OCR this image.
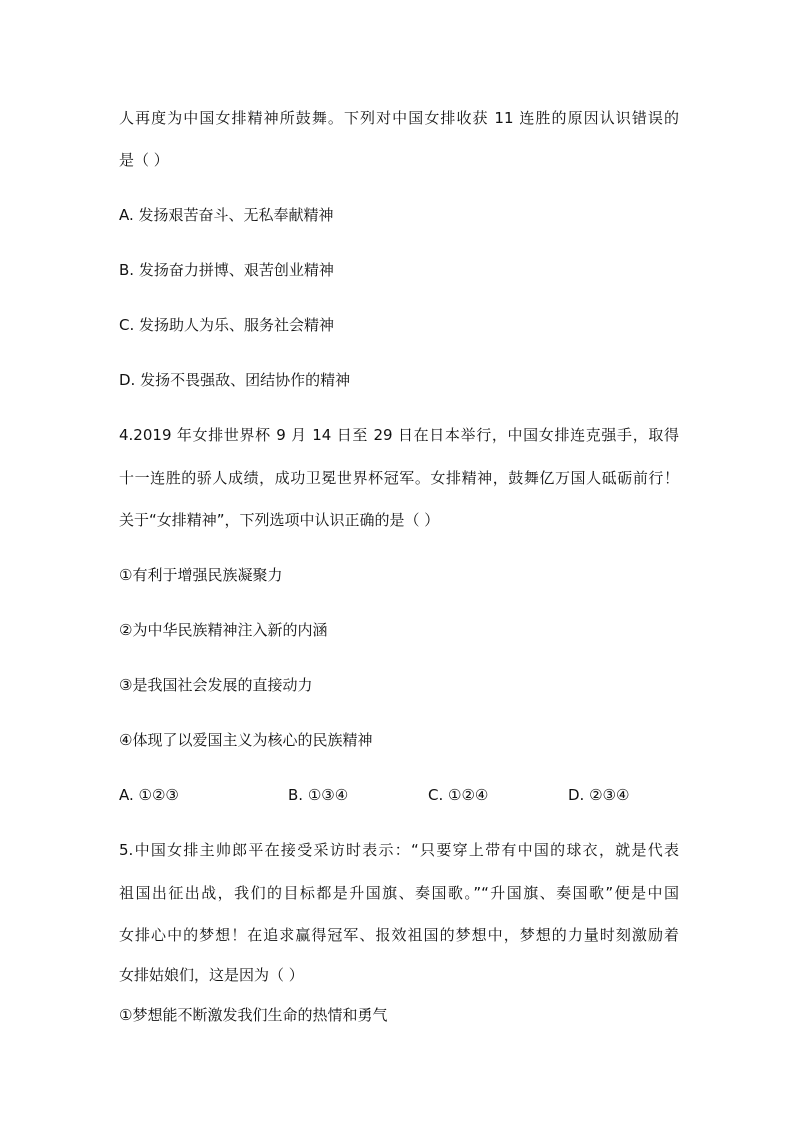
人再度为中国女排精神所鼓舞。下列对中国女排收获 11 连胜的原因认识错误的
是（ ）
A. 发扬艰苦奋斗、无私奉献精神
B. 发扬奋力拼博、艰苦创业精神
C. 发扬助人为乐、服务社会精神
D. 发扬不畏强敌、团结协作的精神
4.2019 年女排世界杯 9 月 14 日至 29 日在日本举行，中国女排连克强手，取得
十一连胜的骄人成绩，成功卫冕世界杯冠军。女排精神，鼓舞亿万国人砥砺前行！
关于“女排精神”，下列选项中认识正确的是（ ）
①有利于增强民族凝聚力
②为中华民族精神注入新的内涵
③是我国社会发展的直接动力
④体现了以爱国主义为核心的民族精神
A. ①②③	B. ①③④	C. ①②④	D. ②③④
5.中国女排主帅郎平在接受采访时表示：“只要穿上带有中国的球衣，就是代表
祖国出征出战，我们的目标都是升国旗、奏国歌。”“升国旗、奏国歌”便是中国
女排心中的梦想！在追求赢得冠军、报效祖国的梦想中，梦想的力量时刻激励着
女排姑娘们，这是因为（ ）
①梦想能不断激发我们生命的热情和勇气
